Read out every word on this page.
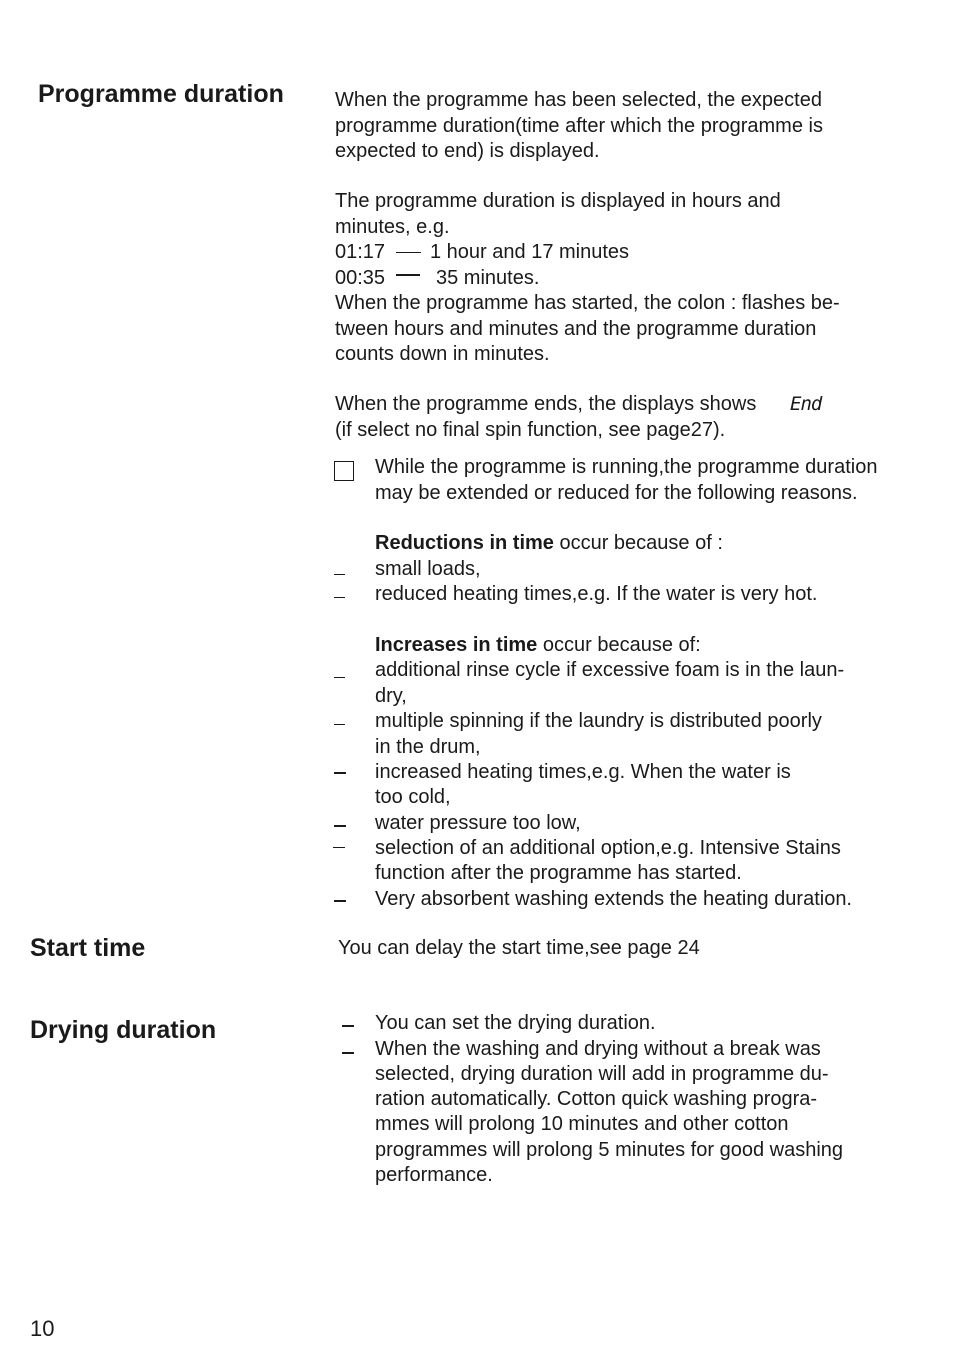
Programme duration	When the programme has been selected, the expected
programme duration(time after which the programme is
expected to end) is displayed.
The programme duration is displayed in hours and
minutes, e.g.
01:17 1 hour and 17 minutes
00:35	35 minutes.
When the programme has started, the colon : flashes be-
tween hours and minutes and the programme duration
counts down in minutes.
When the programme ends, the displays shows End
(if select no final spin function, see page27).
While the programme is running,the programme duration
may be extended or reduced for the following reasons.
Reductions in time occur because of :
small loads,
reduced heating times,e.g. If the water is very hot.
Increases in time occur because of:
additional rinse cycle if excessive foam is in the laun-
dry,
multiple spinning if the laundry is distributed poorly
in the drum,
increased heating times,e.g. When the water is
too cold,
water pressure too low,
selection of an additional option,e.g. Intensive Stains
function after the programme has started.
Very absorbent washing extends the heating duration.
Start time	You can delay the start time,see page 24
Drying duration	You can set the drying duration.
When the washing and drying without a break was
selected, drying duration will add in programme du-
ration automatically. Cotton quick washing progra-
mmes will prolong 10 minutes and other cotton
programmes will prolong 5 minutes for good washing
performance.
10
